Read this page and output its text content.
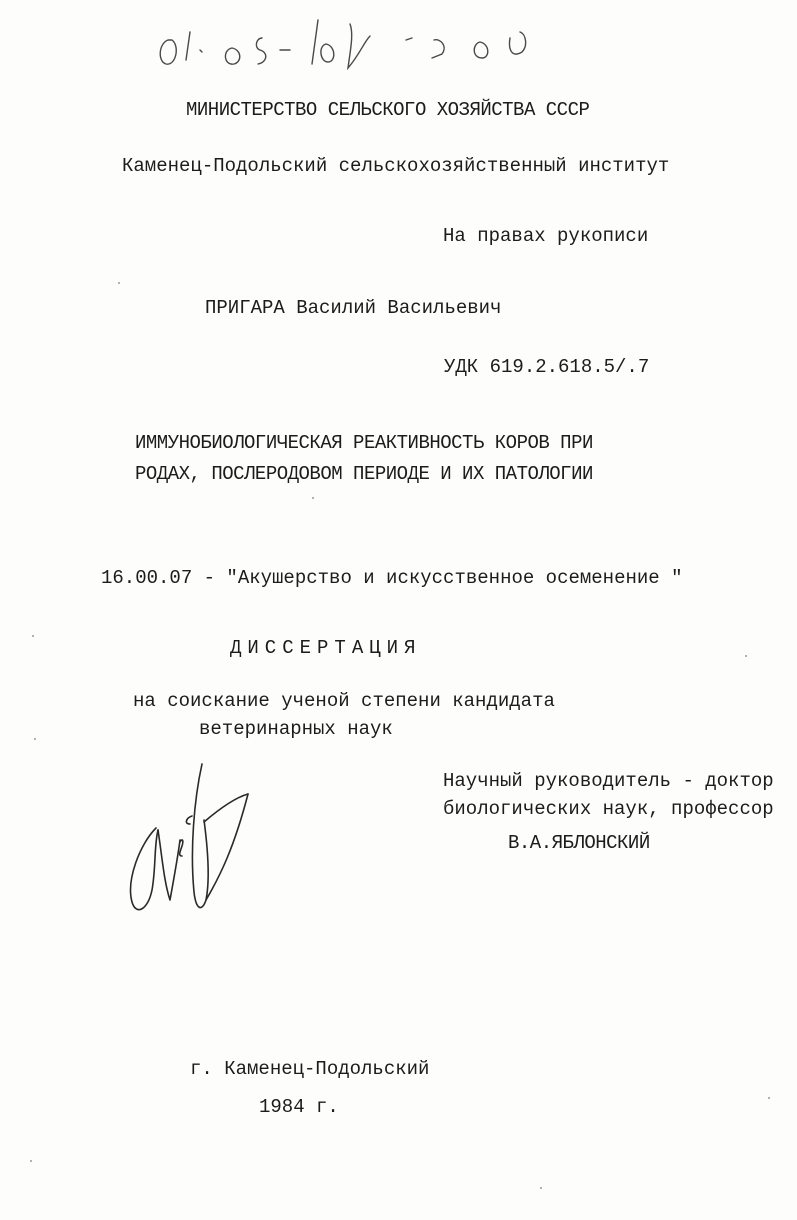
МИНИСТЕРСТВО СЕЛЬСКОГО ХОЗЯЙСТВА СССР
Каменец-Подольский сельскохозяйственный институт
На правах рукописи
ПРИГАРА Василий Васильевич
УДК 619.2.618.5/.7
ИММУНОБИОЛОГИЧЕСКАЯ РЕАКТИВНОСТЬ КОРОВ ПРИ
РОДАХ, ПОСЛЕРОДОВОМ ПЕРИОДЕ И ИХ ПАТОЛОГИИ
16.00.07 - "Акушерство и искусственное осеменение "
ДИССЕРТАЦИЯ
на соискание ученой степени кандидата
ветеринарных наук
Научный руководитель - доктор
биологических наук, профессор
В.А.ЯБЛОНСКИЙ
г. Каменец-Подольский
1984 г.
